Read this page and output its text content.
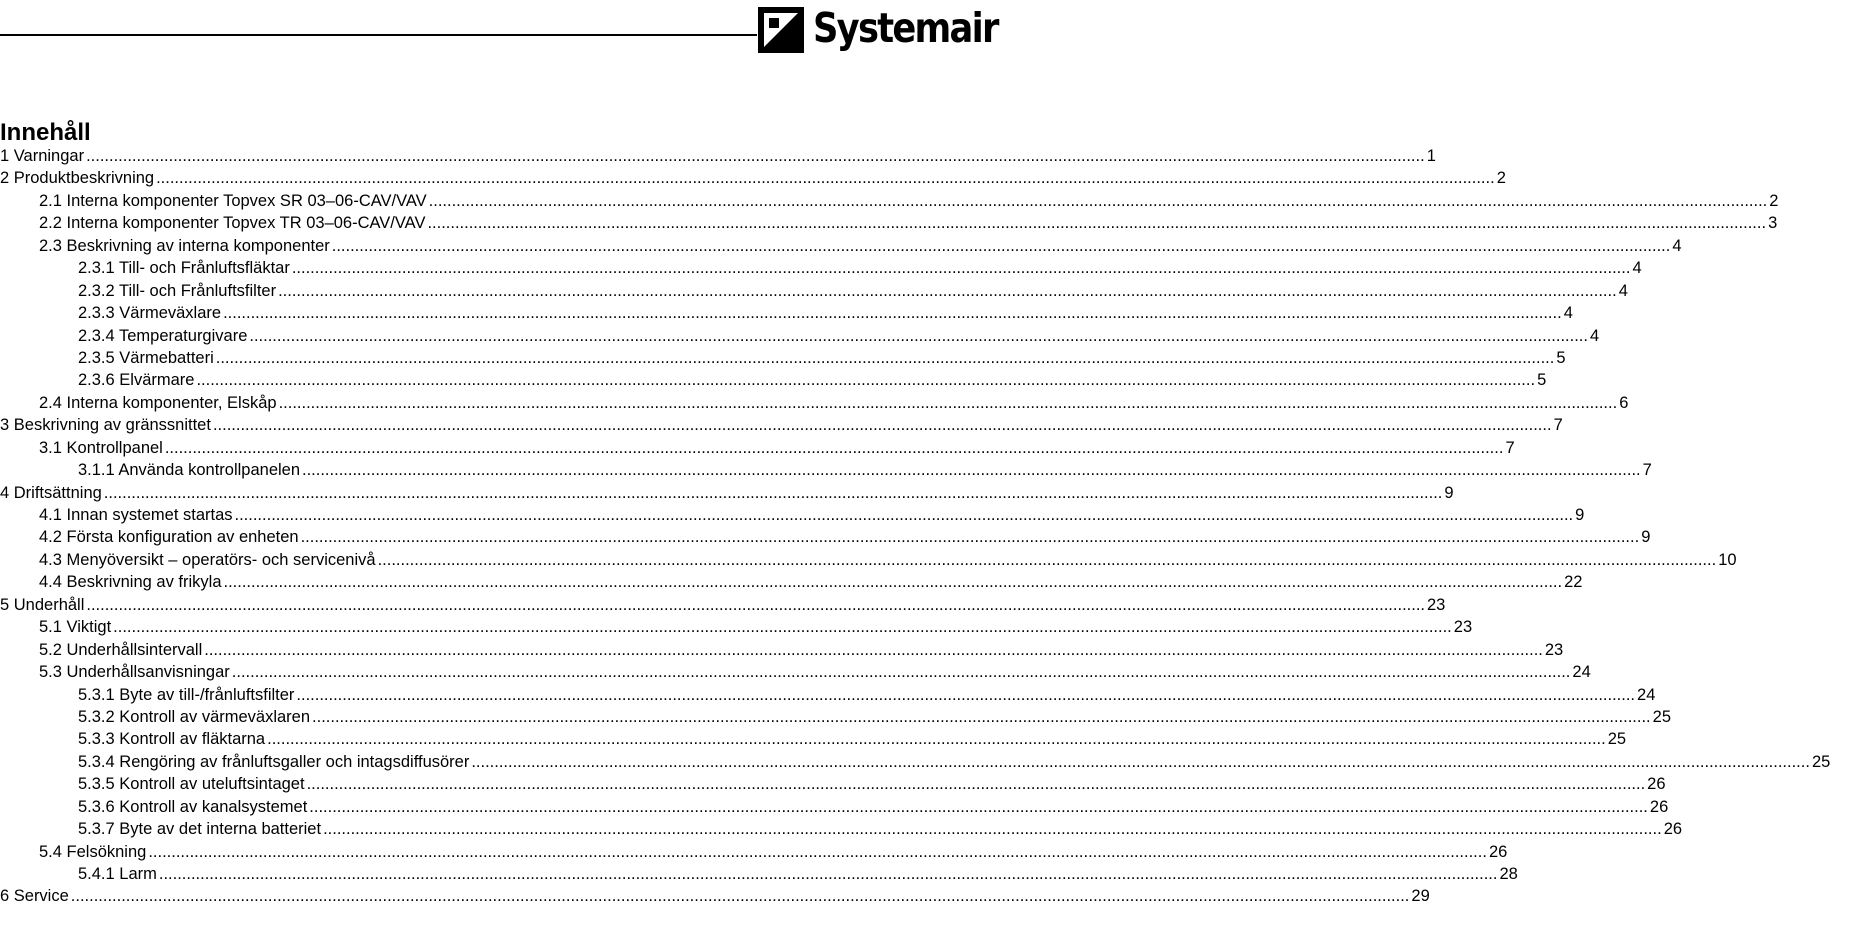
Systemair
Innehåll
1 Varningar .....	1
2 Produktbeskrivning .....	2
2.1 Interna komponenter Topvex SR 03–06-CAV/VAV .....	2
2.2 Interna komponenter Topvex TR 03–06-CAV/VAV .....	3
2.3 Beskrivning av interna komponenter .....	4
2.3.1 Till- och Frånluftsfläktar .....	4
2.3.2 Till- och Frånluftsfilter .....	4
2.3.3 Värmeväxlare .....	4
2.3.4 Temperaturgivare .....	4
2.3.5 Värmebatteri .....	5
2.3.6 Elvärmare .....	5
2.4 Interna komponenter, Elskåp .....	6
3 Beskrivning av gränssnittet .....	7
3.1 Kontrollpanel .....	7
3.1.1 Använda kontrollpanelen .....	7
4 Driftsättning .....	9
4.1 Innan systemet startas .....	9
4.2 Första konfiguration av enheten .....	9
4.3 Menyöversikt – operatörs- och servicenivå .....	10
4.4 Beskrivning av frikyla .....	22
5 Underhåll .....	23
5.1 Viktigt .....	23
5.2 Underhållsintervall .....	23
5.3 Underhållsanvisningar .....	24
5.3.1 Byte av till-/frånluftsfilter .....	24
5.3.2 Kontroll av värmeväxlaren .....	25
5.3.3 Kontroll av fläktarna .....	25
5.3.4 Rengöring av frånluftsgaller och intagsdiffusörer .....	25
5.3.5 Kontroll av uteluftsintaget .....	26
5.3.6 Kontroll av kanalsystemet .....	26
5.3.7 Byte av det interna batteriet .....	26
5.4 Felsökning .....	26
5.4.1 Larm .....	28
6 Service .....	29
